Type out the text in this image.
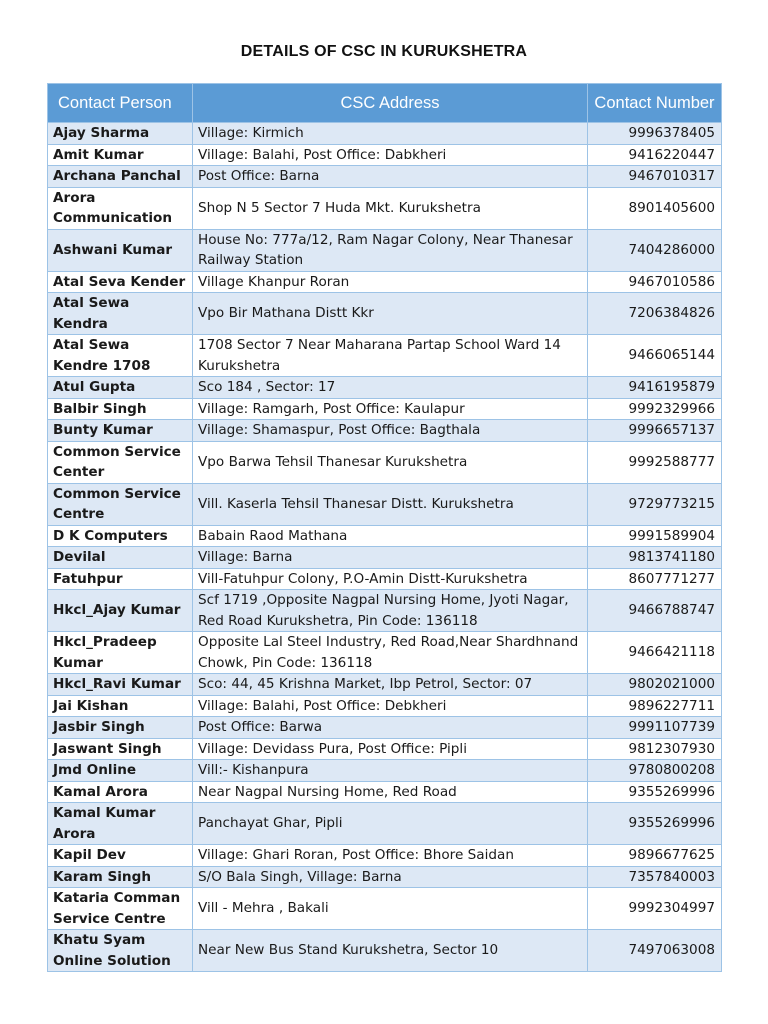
DETAILS OF CSC IN KURUKSHETRA
Contact Person	CSC Address	Contact Number
Ajay Sharma	Village: Kirmich	9996378405
Amit Kumar	Village: Balahi, Post Office: Dabkheri	9416220447
Archana Panchal	Post Office: Barna	9467010317
Arora Communication	Shop N 5 Sector 7 Huda Mkt. Kurukshetra	8901405600
Ashwani Kumar	House No: 777a/12, Ram Nagar Colony, Near Thanesar Railway Station	7404286000
Atal Seva Kender	Village Khanpur Roran	9467010586
Atal Sewa Kendra	Vpo Bir Mathana Distt Kkr	7206384826
Atal Sewa Kendre 1708	1708 Sector 7 Near Maharana Partap School Ward 14 Kurukshetra	9466065144
Atul Gupta	Sco 184 , Sector: 17	9416195879
Balbir Singh	Village: Ramgarh, Post Office: Kaulapur	9992329966
Bunty Kumar	Village: Shamaspur, Post Office: Bagthala	9996657137
Common Service Center	Vpo Barwa Tehsil Thanesar Kurukshetra	9992588777
Common Service Centre	Vill. Kaserla Tehsil Thanesar Distt. Kurukshetra	9729773215
D K Computers	Babain Raod Mathana	9991589904
Devilal	Village: Barna	9813741180
Fatuhpur	Vill-Fatuhpur Colony, P.O-Amin Distt-Kurukshetra	8607771277
Hkcl_Ajay Kumar	Scf 1719 ,Opposite Nagpal Nursing Home, Jyoti Nagar, Red Road Kurukshetra, Pin Code: 136118	9466788747
Hkcl_Pradeep Kumar	Opposite Lal Steel Industry, Red Road,Near Shardhnand Chowk, Pin Code: 136118	9466421118
Hkcl_Ravi Kumar	Sco: 44, 45 Krishna Market, Ibp Petrol, Sector: 07	9802021000
Jai Kishan	Village: Balahi, Post Office: Debkheri	9896227711
Jasbir Singh	Post Office: Barwa	9991107739
Jaswant Singh	Village: Devidass Pura, Post Office: Pipli	9812307930
Jmd Online	Vill:- Kishanpura	9780800208
Kamal Arora	Near Nagpal Nursing Home, Red Road	9355269996
Kamal Kumar Arora	Panchayat Ghar, Pipli	9355269996
Kapil Dev	Village: Ghari Roran, Post Office: Bhore Saidan	9896677625
Karam Singh	S/O Bala Singh, Village: Barna	7357840003
Kataria Comman Service Centre	Vill - Mehra , Bakali	9992304997
Khatu Syam Online Solution	Near New Bus Stand Kurukshetra, Sector 10	7497063008
